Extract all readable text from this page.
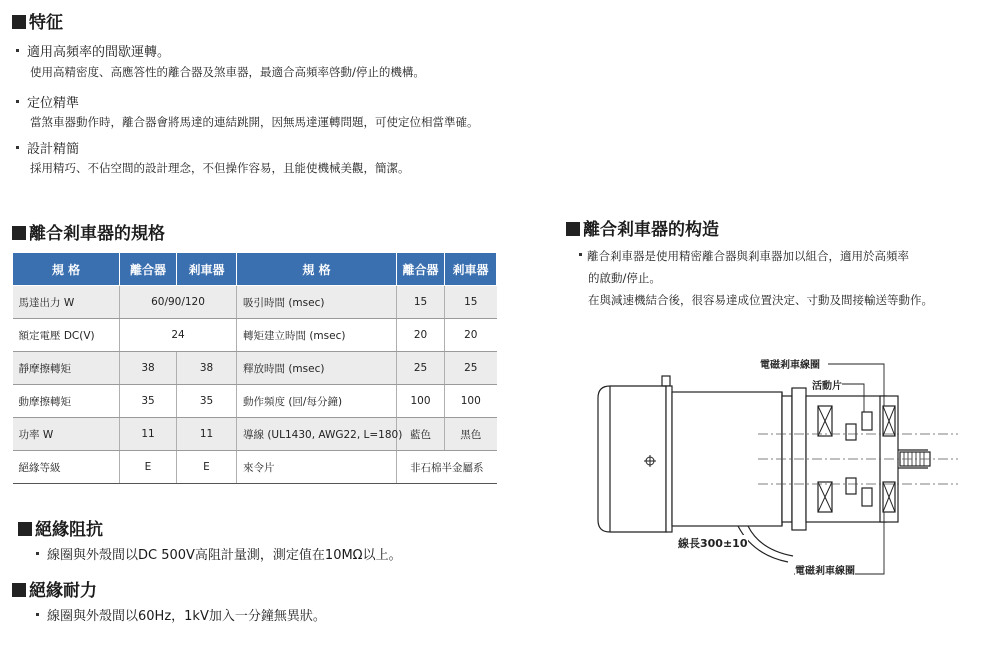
特征
適用高頻率的間歇運轉。
使用高精密度、高應答性的離合器及煞車器，最適合高頻率啓動/停止的機構。
定位精準
當煞車器動作時，離合器會將馬達的連結跳開，因無馬達運轉問題，可使定位相當準確。
設計精簡
採用精巧、不佔空間的設計理念，不但操作容易，且能使機械美觀，簡潔。
離合剎車器的規格
規 格	離合器	剎車器	規 格	離合器	剎車器
馬達出力 W	60/90/120		吸引時間 (msec)	15	15
額定電壓 DC(V)	24		轉矩建立時間 (msec)	20	20
靜摩擦轉矩	38	38	釋放時間 (msec)	25	25
動摩擦轉矩	35	35	動作頻度 (回/每分鐘)	100	100
功率 W	11	11	導線 (UL1430, AWG22, L=180)	藍色	黑色
絕緣等級	E	E	來令片	非石棉半金屬系	
絕緣阻抗
線圈與外殼間以DC 500V高阻計量測，測定值在10MΩ以上。
絕緣耐力
線圈與外殼間以60Hz，1kV加入一分鐘無異狀。
離合剎車器的构造
離合剎車器是使用精密離合器與剎車器加以組合，適用於高頻率
的啟動/停止。
在與減速機結合後，很容易達成位置決定、寸動及間接輸送等動作。
電磁剎車線圈
活動片
線長300±10
電磁剎車線圈
